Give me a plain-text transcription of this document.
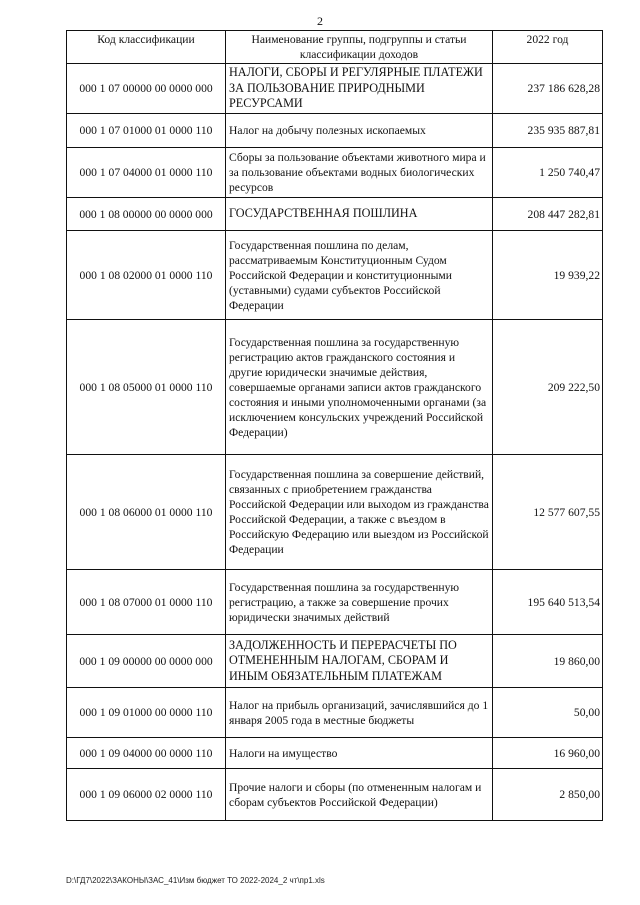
2
Код классификации	Наименование группы, подгруппы и статьи классификации доходов	2022 год
000 1 07 00000 00 0000 000	НАЛОГИ, СБОРЫ И РЕГУЛЯРНЫЕ ПЛАТЕЖИ ЗА ПОЛЬЗОВАНИЕ ПРИРОДНЫМИ РЕСУРСАМИ	237 186 628,28
000 1 07 01000 01 0000 110	Налог на добычу полезных ископаемых	235 935 887,81
000 1 07 04000 01 0000 110	Сборы за пользование объектами животного мира и за пользование объектами водных биологических ресурсов	1 250 740,47
000 1 08 00000 00 0000 000	ГОСУДАРСТВЕННАЯ ПОШЛИНА	208 447 282,81
000 1 08 02000 01 0000 110	Государственная пошлина по делам, рассматриваемым Конституционным Судом Российской Федерации и конституционными (уставными) судами субъектов Российской Федерации	19 939,22
000 1 08 05000 01 0000 110	Государственная пошлина за государственную регистрацию актов гражданского состояния и другие юридически значимые действия, совершаемые органами записи актов гражданского состояния и иными уполномоченными органами (за исключением консульских учреждений Российской Федерации)	209 222,50
000 1 08 06000 01 0000 110	Государственная пошлина за совершение действий, связанных с приобретением гражданства Российской Федерации или выходом из гражданства Российской Федерации, а также с въездом в Российскую Федерацию или выездом из Российской Федерации	12 577 607,55
000 1 08 07000 01 0000 110	Государственная пошлина за государственную регистрацию, а также за совершение прочих юридически значимых действий	195 640 513,54
000 1 09 00000 00 0000 000	ЗАДОЛЖЕННОСТЬ И ПЕРЕРАСЧЕТЫ ПО ОТМЕНЕННЫМ НАЛОГАМ, СБОРАМ И ИНЫМ ОБЯЗАТЕЛЬНЫМ ПЛАТЕЖАМ	19 860,00
000 1 09 01000 00 0000 110	Налог на прибыль организаций, зачислявшийся до 1 января 2005 года в местные бюджеты	50,00
000 1 09 04000 00 0000 110	Налоги на имущество	16 960,00
000 1 09 06000 02 0000 110	Прочие налоги и сборы (по отмененным налогам и сборам субъектов Российской Федерации)	2 850,00
D:\ГД7\2022\ЗАКОНЫ\ЗАС_41\Изм бюджет ТО 2022-2024_2 чт\пр1.xls
